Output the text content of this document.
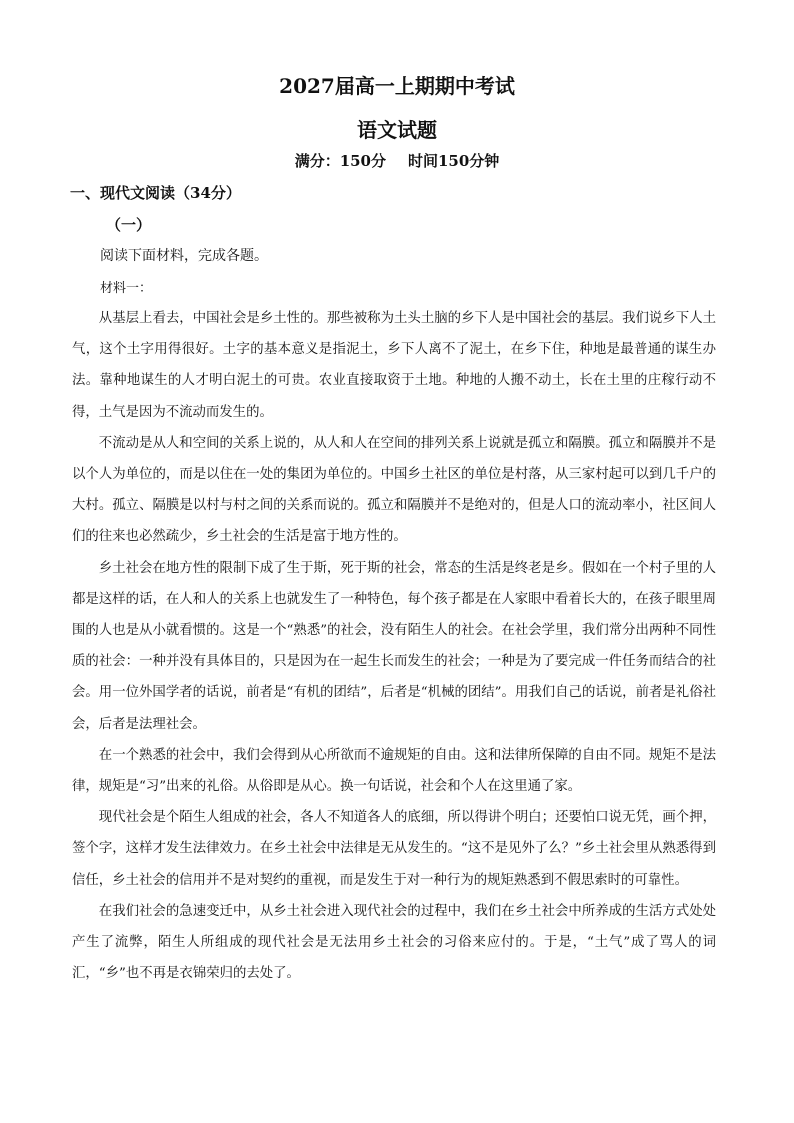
2027届高一上期期中考试
语文试题
满分：150分 时间150分钟
一、现代文阅读（34分）
（一）
阅读下面材料，完成各题。
材料一：

从基层上看去，中国社会是乡土性的。那些被称为土头土脑的乡下人是中国社会的基层。我们说乡下人土气，这个土字用得很好。土字的基本意义是指泥土，乡下人离不了泥土，在乡下住，种地是最普通的谋生办法。靠种地谋生的人才明白泥土的可贵。农业直接取资于土地。种地的人搬不动土，长在土里的庄稼行动不得，土气是因为不流动而发生的。

不流动是从人和空间的关系上说的，从人和人在空间的排列关系上说就是孤立和隔膜。孤立和隔膜并不是以个人为单位的，而是以住在一处的集团为单位的。中国乡土社区的单位是村落，从三家村起可以到几千户的大村。孤立、隔膜是以村与村之间的关系而说的。孤立和隔膜并不是绝对的，但是人口的流动率小，社区间人们的往来也必然疏少，乡土社会的生活是富于地方性的。

乡土社会在地方性的限制下成了生于斯，死于斯的社会，常态的生活是终老是乡。假如在一个村子里的人都是这样的话，在人和人的关系上也就发生了一种特色，每个孩子都是在人家眼中看着长大的，在孩子眼里周围的人也是从小就看惯的。这是一个“熟悉”的社会，没有陌生人的社会。在社会学里，我们常分出两种不同性质的社会：一种并没有具体目的，只是因为在一起生长而发生的社会；一种是为了要完成一件任务而结合的社会。用一位外国学者的话说，前者是“有机的团结”，后者是“机械的团结”。用我们自己的话说，前者是礼俗社会，后者是法理社会。

在一个熟悉的社会中，我们会得到从心所欲而不逾规矩的自由。这和法律所保障的自由不同。规矩不是法律，规矩是“习”出来的礼俗。从俗即是从心。换一句话说，社会和个人在这里通了家。

现代社会是个陌生人组成的社会，各人不知道各人的底细，所以得讲个明白；还要怕口说无凭，画个押，签个字，这样才发生法律效力。在乡土社会中法律是无从发生的。“这不是见外了么？”乡土社会里从熟悉得到信任，乡土社会的信用并不是对契约的重视，而是发生于对一种行为的规矩熟悉到不假思索时的可靠性。

在我们社会的急速变迁中，从乡土社会进入现代社会的过程中，我们在乡土社会中所养成的生活方式处处产生了流弊，陌生人所组成的现代社会是无法用乡土社会的习俗来应付的。于是，“土气”成了骂人的词汇，“乡”也不再是衣锦荣归的去处了。
